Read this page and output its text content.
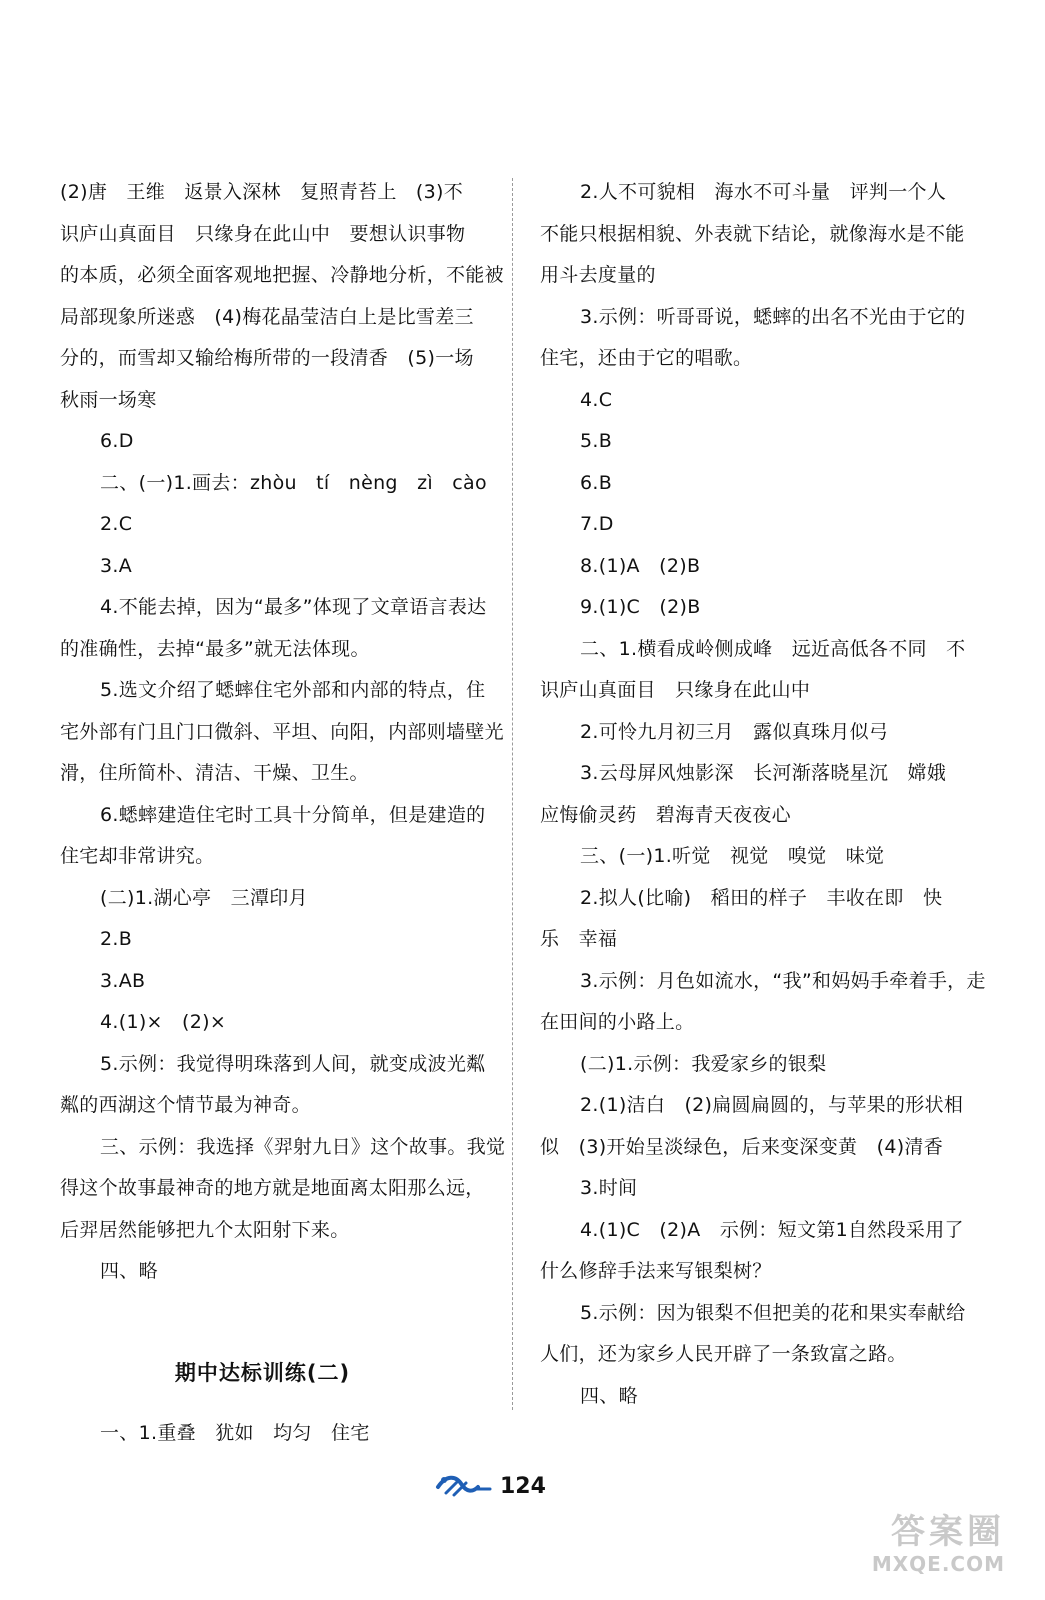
(2)唐　王维　返景入深林　复照青苔上　(3)不
识庐山真面目　只缘身在此山中　要想认识事物
的本质，必须全面客观地把握、冷静地分析，不能被
局部现象所迷惑　(4)梅花晶莹洁白上是比雪差三
分的，而雪却又输给梅所带的一段清香　(5)一场
秋雨一场寒
6.D
二、(一)1.画去：zhòu　tí　nèng　zì　cào
2.C
3.A
4.不能去掉，因为“最多”体现了文章语言表达
的准确性，去掉“最多”就无法体现。
5.选文介绍了蟋蟀住宅外部和内部的特点，住
宅外部有门且门口微斜、平坦、向阳，内部则墙壁光
滑，住所简朴、清洁、干燥、卫生。
6.蟋蟀建造住宅时工具十分简单，但是建造的
住宅却非常讲究。
(二)1.湖心亭　三潭印月
2.B
3.AB
4.(1)×　(2)×
5.示例：我觉得明珠落到人间，就变成波光粼
粼的西湖这个情节最为神奇。
三、示例：我选择《羿射九日》这个故事。我觉
得这个故事最神奇的地方就是地面离太阳那么远，
后羿居然能够把九个太阳射下来。
四、略
期中达标训练(二)
一、1.重叠　犹如　均匀　住宅
2.人不可貌相　海水不可斗量　评判一个人
不能只根据相貌、外表就下结论，就像海水是不能
用斗去度量的
3.示例：听哥哥说，蟋蟀的出名不光由于它的
住宅，还由于它的唱歌。
4.C
5.B
6.B
7.D
8.(1)A　(2)B
9.(1)C　(2)B
二、1.横看成岭侧成峰　远近高低各不同　不
识庐山真面目　只缘身在此山中
2.可怜九月初三月　露似真珠月似弓
3.云母屏风烛影深　长河渐落晓星沉　嫦娥
应悔偷灵药　碧海青天夜夜心
三、(一)1.听觉　视觉　嗅觉　味觉
2.拟人(比喻)　稻田的样子　丰收在即　快
乐　幸福
3.示例：月色如流水，“我”和妈妈手牵着手，走
在田间的小路上。
(二)1.示例：我爱家乡的银梨
2.(1)洁白　(2)扁圆扁圆的，与苹果的形状相
似　(3)开始呈淡绿色，后来变深变黄　(4)清香
3.时间
4.(1)C　(2)A　示例：短文第1自然段采用了
什么修辞手法来写银梨树？
5.示例：因为银梨不但把美的花和果实奉献给
人们，还为家乡人民开辟了一条致富之路。
四、略
124
答案圈
MXQE.COM
